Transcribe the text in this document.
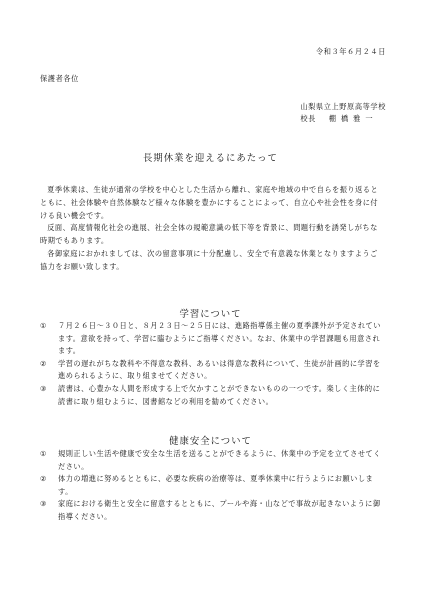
令和３年６月２４日
保護者各位
山梨県立上野原高等学校
校長 棚橋雅一
長期休業を迎えるにあたって

夏季休業は、生徒が通常の学校を中心とした生活から離れ、家庭や地域の中で自らを振り返るとともに、社会体験や自然体験など様々な体験を豊かにすることによって、自立心や社会性を身に付ける良い機会です。

反面、高度情報化社会の進展、社会全体の規範意識の低下等を背景に、問題行動を誘発しがちな時期でもあります。

各御家庭におかれましては、次の留意事項に十分配慮し、安全で有意義な休業となりますようご協力をお願い致します。

学習について
① ７月２６日～３０日と、８月２３日～２５日には、進路指導係主催の夏季課外が予定されています。意欲を持って、学習に臨むようにご指導ください。なお、休業中の学習課題も用意されます。
② 学習の遅れがちな教科や不得意な教科、あるいは得意な教科について、生徒が計画的に学習を進められるように、取り組ませてください。
③ 読書は、心豊かな人間を形成する上で欠かすことができないものの一つです。楽しく主体的に読書に取り組むように、図書館などの利用を勧めてください。
健康安全について
① 規則正しい生活や健康で安全な生活を送ることができるように、休業中の予定を立てさせてください。
② 体力の増進に努めるとともに、必要な疾病の治療等は、夏季休業中に行うようにお願いします。
③ 家庭における衛生と安全に留意するとともに、プールや海・山などで事故が起きないように御指導ください。
